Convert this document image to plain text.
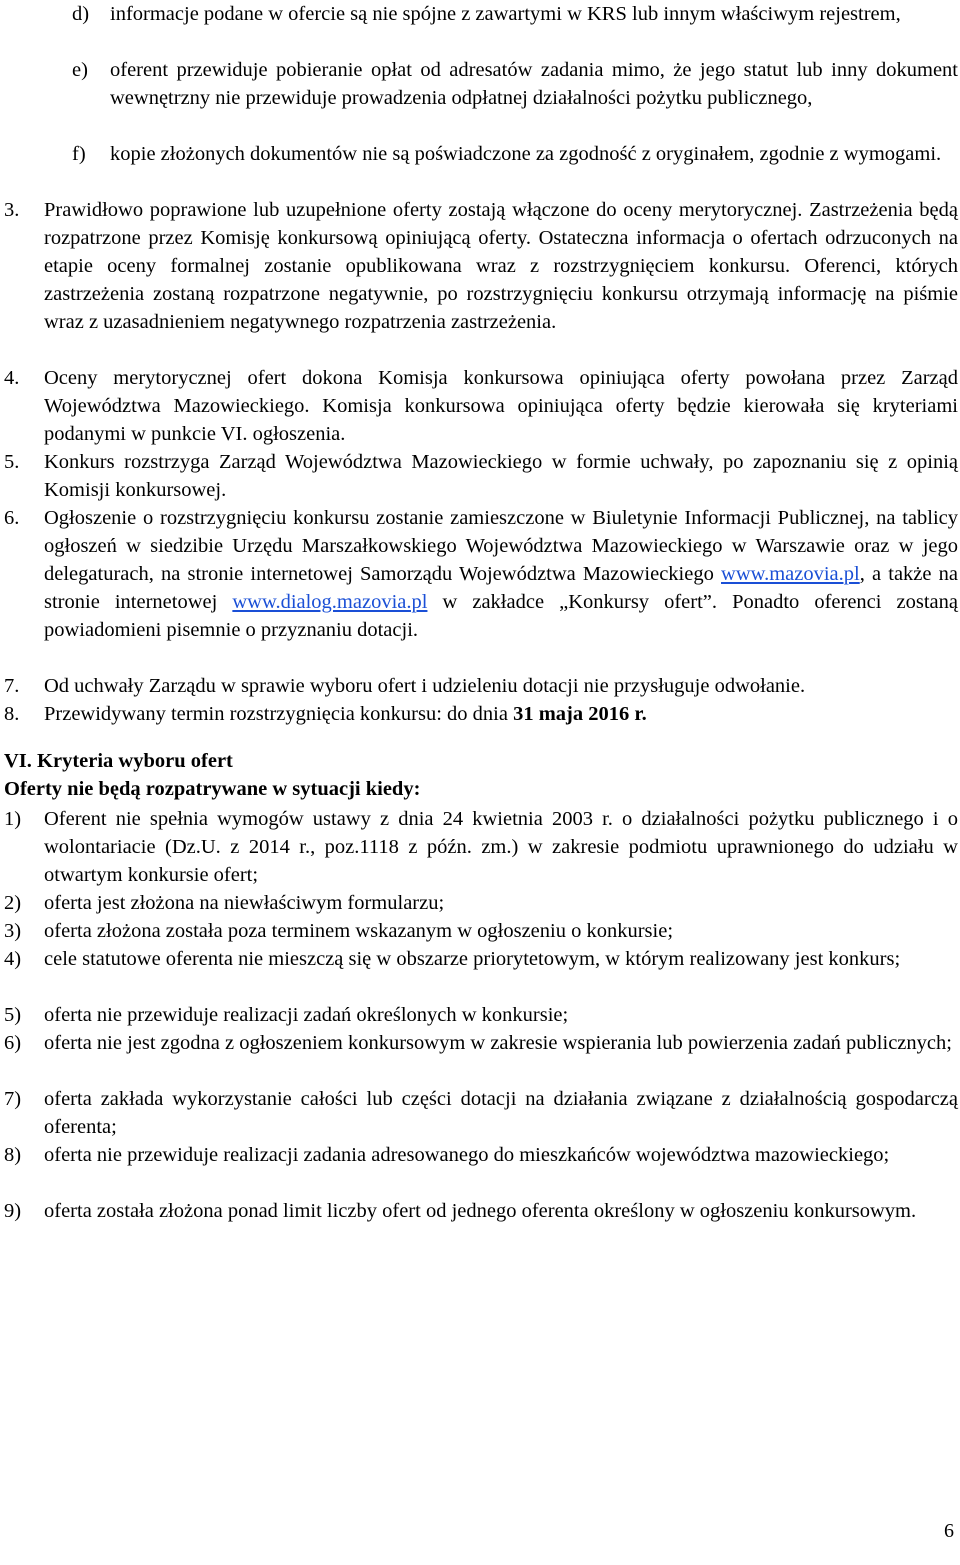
d) informacje podane w ofercie są nie spójne z zawartymi w KRS lub innym właściwym rejestrem,
e) oferent przewiduje pobieranie opłat od adresatów zadania mimo, że jego statut lub inny dokument wewnętrzny nie przewiduje prowadzenia odpłatnej działalności pożytku publicznego,
f) kopie złożonych dokumentów nie są poświadczone za zgodność z oryginałem, zgodnie z wymogami.
3. Prawidłowo poprawione lub uzupełnione oferty zostają włączone do oceny merytorycznej. Zastrzeżenia będą rozpatrzone przez Komisję konkursową opiniującą oferty. Ostateczna informacja o ofertach odrzuconych na etapie oceny formalnej zostanie opublikowana wraz z rozstrzygnięciem konkursu. Oferenci, których zastrzeżenia zostaną rozpatrzone negatywnie, po rozstrzygnięciu konkursu otrzymają informację na piśmie wraz z uzasadnieniem negatywnego rozpatrzenia zastrzeżenia.
4. Oceny merytorycznej ofert dokona Komisja konkursowa opiniująca oferty powołana przez Zarząd Województwa Mazowieckiego. Komisja konkursowa opiniująca oferty będzie kierowała się kryteriami podanymi w punkcie VI. ogłoszenia.
5. Konkurs rozstrzyga Zarząd Województwa Mazowieckiego w formie uchwały, po zapoznaniu się z opinią Komisji konkursowej.
6. Ogłoszenie o rozstrzygnięciu konkursu zostanie zamieszczone w Biuletynie Informacji Publicznej, na tablicy ogłoszeń w siedzibie Urzędu Marszałkowskiego Województwa Mazowieckiego w Warszawie oraz w jego delegaturach, na stronie internetowej Samorządu Województwa Mazowieckiego www.mazovia.pl, a także na stronie internetowej www.dialog.mazovia.pl w zakładce „Konkursy ofert”. Ponadto oferenci zostaną powiadomieni pisemnie o przyznaniu dotacji.
7. Od uchwały Zarządu w sprawie wyboru ofert i udzieleniu dotacji nie przysługuje odwołanie.
8. Przewidywany termin rozstrzygnięcia konkursu: do dnia 31 maja 2016 r.
VI. Kryteria wyboru ofert
Oferty nie będą rozpatrywane w sytuacji kiedy:
1) Oferent nie spełnia wymogów ustawy z dnia 24 kwietnia 2003 r. o działalności pożytku publicznego i o wolontariacie (Dz.U. z 2014 r., poz.1118 z późn. zm.) w zakresie podmiotu uprawnionego do udziału w otwartym konkursie ofert;
2) oferta jest złożona na niewłaściwym formularzu;
3) oferta złożona została poza terminem wskazanym w ogłoszeniu o konkursie;
4) cele statutowe oferenta nie mieszczą się w obszarze priorytetowym, w którym realizowany jest konkurs;
5) oferta nie przewiduje realizacji zadań określonych w konkursie;
6) oferta nie jest zgodna z ogłoszeniem konkursowym w zakresie wspierania lub powierzenia zadań publicznych;
7) oferta zakłada wykorzystanie całości lub części dotacji na działania związane z działalnością gospodarczą oferenta;
8) oferta nie przewiduje realizacji zadania adresowanego do mieszkańców województwa mazowieckiego;
9) oferta została złożona ponad limit liczby ofert od jednego oferenta określony w ogłoszeniu konkursowym.
6
